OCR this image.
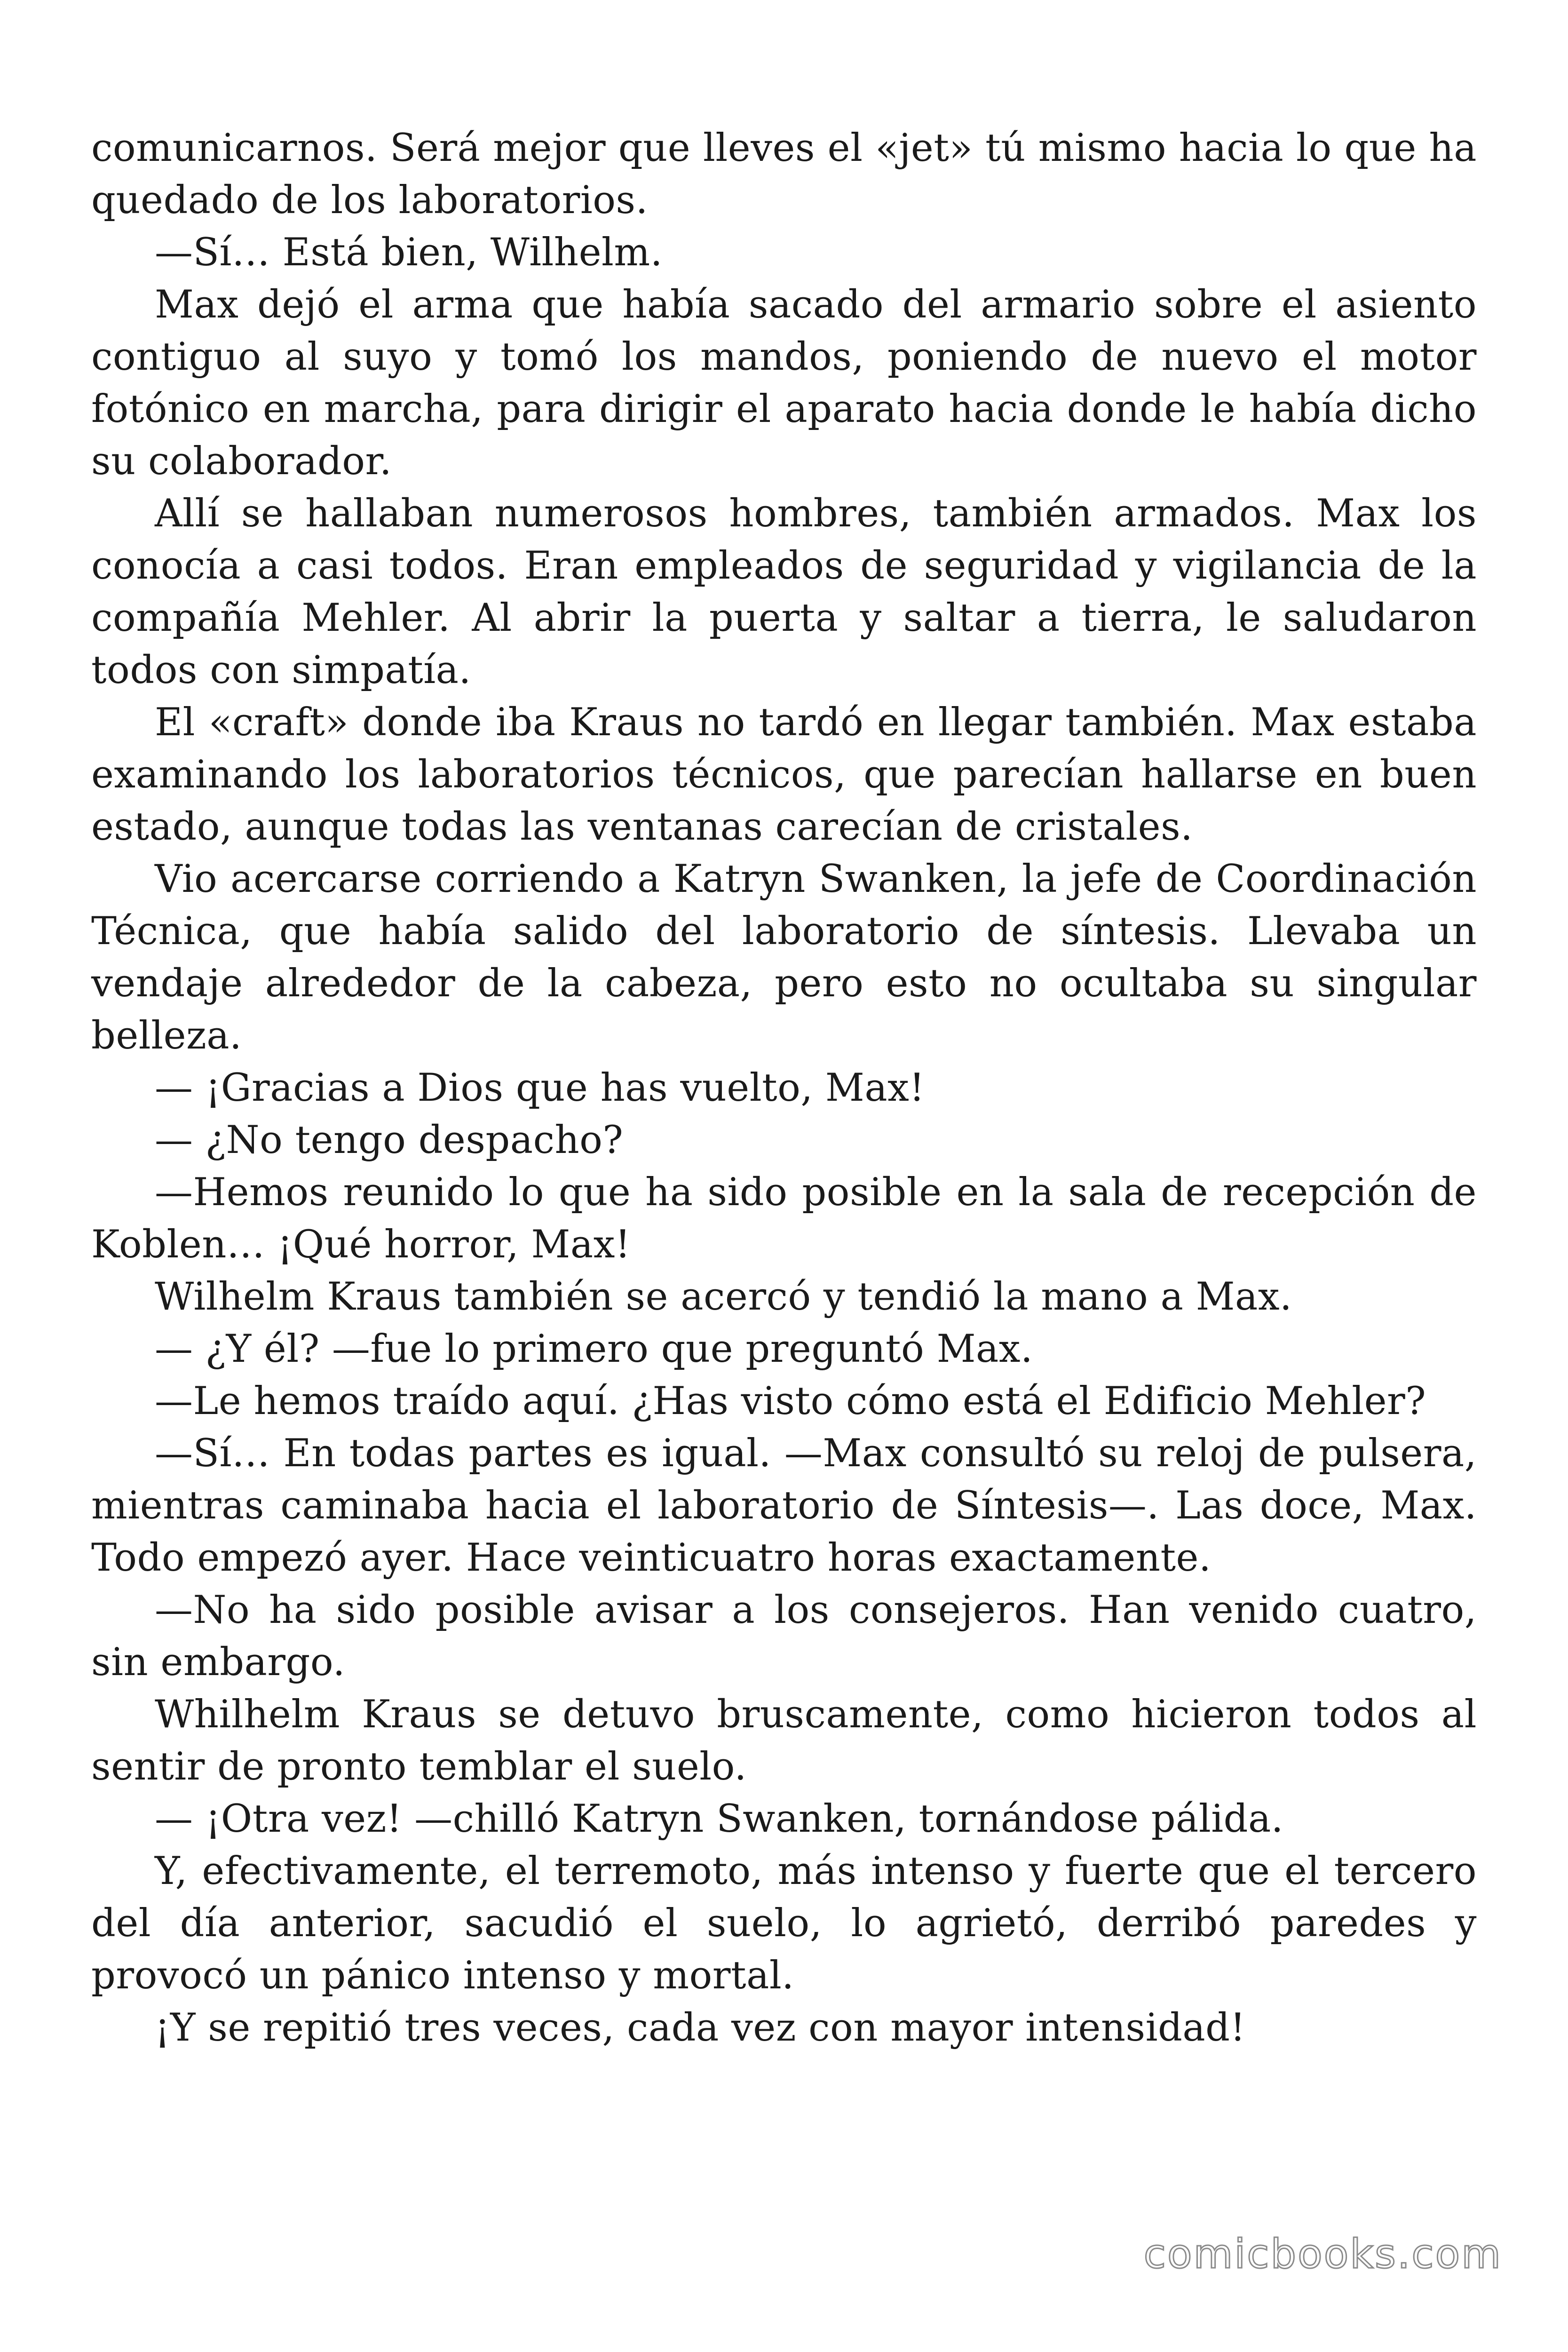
comunicarnos. Será mejor que lleves el «jet» tú mismo hacia lo que ha quedado de los laboratorios.

—Sí… Está bien, Wilhelm.

Max dejó el arma que había sacado del armario sobre el asiento contiguo al suyo y tomó los mandos, poniendo de nuevo el motor fotónico en marcha, para dirigir el aparato hacia donde le había dicho su colaborador.

Allí se hallaban numerosos hombres, también armados. Max los conocía a casi todos. Eran empleados de seguridad y vigilancia de la compañía Mehler. Al abrir la puerta y saltar a tierra, le saludaron todos con simpatía.

El «craft» donde iba Kraus no tardó en llegar también. Max estaba examinando los laboratorios técnicos, que parecían hallarse en buen estado, aunque todas las ventanas carecían de cristales.

Vio acercarse corriendo a Katryn Swanken, la jefe de Coordinación Técnica, que había salido del laboratorio de síntesis. Llevaba un vendaje alrededor de la cabeza, pero esto no ocultaba su singular belleza.

— ¡Gracias a Dios que has vuelto, Max!

— ¿No tengo despacho?

—Hemos reunido lo que ha sido posible en la sala de recepción de Koblen… ¡Qué horror, Max!

Wilhelm Kraus también se acercó y tendió la mano a Max.

— ¿Y él? —fue lo primero que preguntó Max.

—Le hemos traído aquí. ¿Has visto cómo está el Edificio Mehler?

—Sí… En todas partes es igual. —Max consultó su reloj de pulsera, mientras caminaba hacia el laboratorio de Síntesis—. Las doce, Max. Todo empezó ayer. Hace veinticuatro horas exactamente.

—No ha sido posible avisar a los consejeros. Han venido cuatro, sin embargo.

Whilhelm Kraus se detuvo bruscamente, como hicieron todos al sentir de pronto temblar el suelo.

— ¡Otra vez! —chilló Katryn Swanken, tornándose pálida.

Y, efectivamente, el terremoto, más intenso y fuerte que el tercero del día anterior, sacudió el suelo, lo agrietó, derribó paredes y provocó un pánico intenso y mortal.

¡Y se repitió tres veces, cada vez con mayor intensidad!

comicbooks.com
